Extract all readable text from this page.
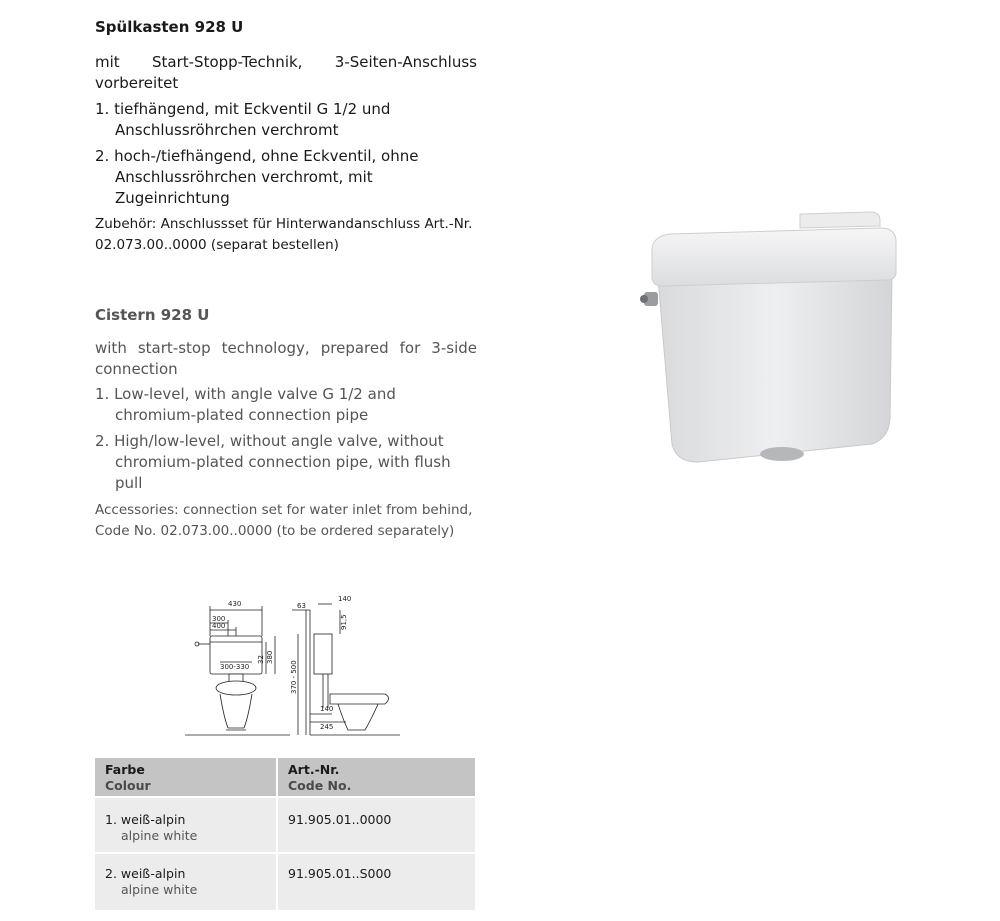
Spülkasten 928 U

mit Start-Stopp-Technik, 3-Seiten-Anschluss vorbereitet

1. tiefhängend, mit Eckventil G 1/2 und Anschlussröhrchen verchromt

2. hoch-/tiefhängend, ohne Eckventil, ohne Anschlussröhrchen verchromt, mit Zugeinrichtung

Zubehör: Anschlussset für Hinterwandanschluss Art.-Nr. 02.073.00..0000 (separat bestellen)

Cistern 928 U

with start-stop technology, prepared for 3-side connection

1. Low-level, with angle valve G 1/2 and chromium-plated connection pipe

2. High/low-level, without angle valve, without chromium-plated connection pipe, with flush pull

Accessories: connection set for water inlet from behind, Code No. 02.073.00..0000 (to be ordered separately)

430
300
400
300-330
32 380
370 - 500
63
140
91,5
140
245
Farbe
Colour
Art.-Nr.
Code No.
1. weiß-alpin
alpine white
91.905.01..0000
2. weiß-alpin
alpine white
91.905.01..S000
